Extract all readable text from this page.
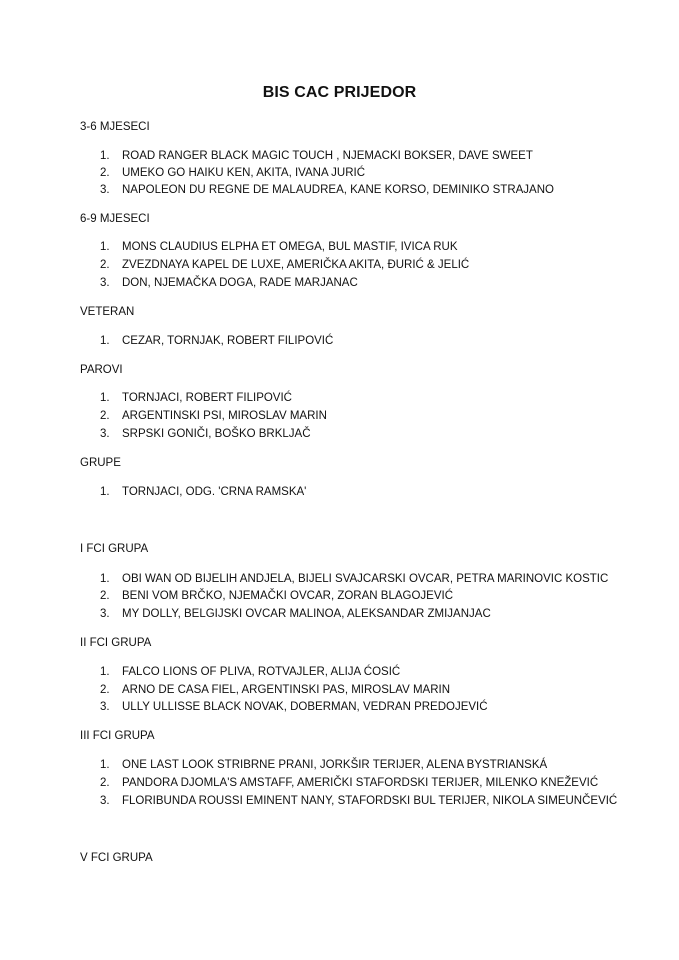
BIS CAC PRIJEDOR
3-6 MJESECI
1. ROAD RANGER BLACK MAGIC TOUCH , NJEMACKI BOKSER, DAVE SWEET
2. UMEKO GO HAIKU KEN, AKITA, IVANA JURIĆ
3. NAPOLEON DU REGNE DE MALAUDREA, KANE KORSO, DEMINIKO STRAJANO
6-9 MJESECI
1. MONS CLAUDIUS ELPHA ET OMEGA, BUL MASTIF, IVICA RUK
2. ZVEZDNAYA KAPEL DE LUXE, AMERIČKA AKITA, ĐURIĆ & JELIĆ
3. DON, NJEMAČKA DOGA, RADE MARJANAC
VETERAN
1. CEZAR, TORNJAK, ROBERT FILIPOVIĆ
PAROVI
1. TORNJACI, ROBERT FILIPOVIĆ
2. ARGENTINSKI PSI, MIROSLAV MARIN
3. SRPSKI GONIČI, BOŠKO BRKLJAČ
GRUPE
1. TORNJACI, ODG. 'CRNA RAMSKA'
I FCI GRUPA
1. OBI WAN OD BIJELIH ANDJELA, BIJELI SVAJCARSKI OVCAR, PETRA MARINOVIC KOSTIC
2. BENI VOM BRČKO, NJEMAČKI OVCAR, ZORAN BLAGOJEVIĆ
3. MY DOLLY, BELGIJSKI OVCAR MALINOA, ALEKSANDAR ZMIJANJAC
II FCI GRUPA
1. FALCO LIONS OF PLIVA, ROTVAJLER, ALIJA ĆOSIĆ
2. ARNO DE CASA FIEL, ARGENTINSKI PAS, MIROSLAV MARIN
3. ULLY ULLISSE BLACK NOVAK, DOBERMAN, VEDRAN PREDOJEVIĆ
III FCI GRUPA
1. ONE LAST LOOK STRIBRNE PRANI, JORKŠIR TERIJER, ALENA BYSTRIANSKÁ
2. PANDORA DJOMLA'S AMSTAFF, AMERIČKI STAFORDSKI TERIJER, MILENKO KNEŽEVIĆ
3. FLORIBUNDA ROUSSI EMINENT NANY, STAFORDSKI BUL TERIJER, NIKOLA SIMEUNČEVIĆ
V FCI GRUPA
